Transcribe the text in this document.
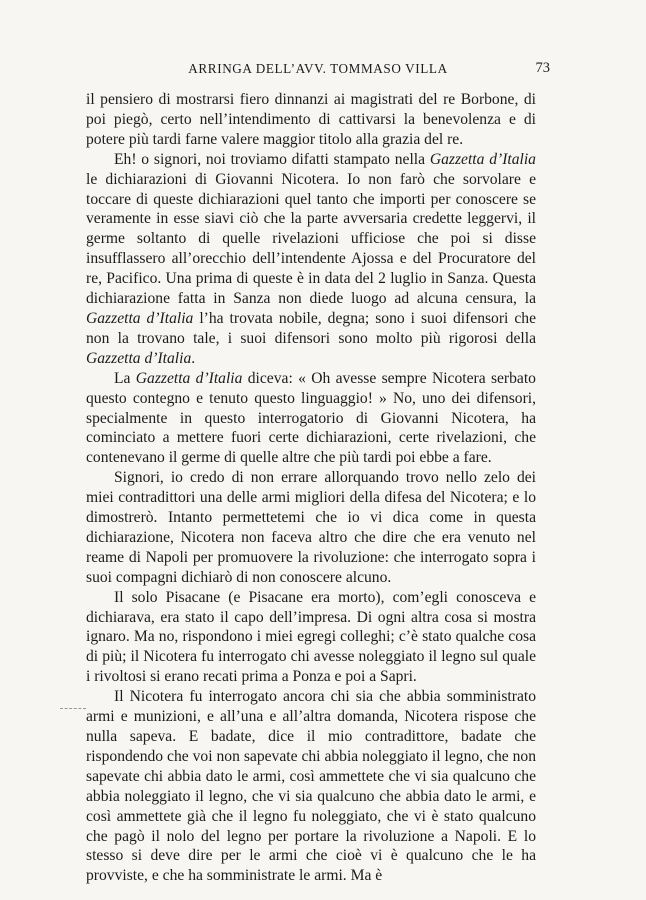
ARRINGA DELL’AVV. TOMMASO VILLA	73

il pensiero di mostrarsi fiero dinnanzi ai magistrati del re Borbone, di poi piegò, certo nell’intendimento di cattivarsi la benevolenza e di potere più tardi farne valere maggior titolo alla grazia del re.

Eh! o signori, noi troviamo difatti stampato nella Gazzetta d’Italia le dichiarazioni di Giovanni Nicotera. Io non farò che sorvolare e toccare di queste dichiarazioni quel tanto che importi per conoscere se veramente in esse siavi ciò che la parte avversaria credette leggervi, il germe soltanto di quelle rivelazioni ufficiose che poi si disse insufflassero all’orecchio dell’intendente Ajossa e del Procuratore del re, Pacifico. Una prima di queste è in data del 2 luglio in Sanza. Questa dichiarazione fatta in Sanza non diede luogo ad alcuna censura, la Gazzetta d’Italia l’ha trovata nobile, degna; sono i suoi difensori che non la trovano tale, i suoi difensori sono molto più rigorosi della Gazzetta d’Italia.

La Gazzetta d’Italia diceva: « Oh avesse sempre Nicotera serbato questo contegno e tenuto questo linguaggio! » No, uno dei difensori, specialmente in questo interrogatorio di Giovanni Nicotera, ha cominciato a mettere fuori certe dichiarazioni, certe rivelazioni, che contenevano il germe di quelle altre che più tardi poi ebbe a fare.

Signori, io credo di non errare allorquando trovo nello zelo dei miei contradittori una delle armi migliori della difesa del Nicotera; e lo dimostrerò. Intanto permettetemi che io vi dica come in questa dichiarazione, Nicotera non faceva altro che dire che era venuto nel reame di Napoli per promuovere la rivoluzione: che interrogato sopra i suoi compagni dichiarò di non conoscere alcuno.

Il solo Pisacane (e Pisacane era morto), com’egli conosceva e dichiarava, era stato il capo dell’impresa. Di ogni altra cosa si mostra ignaro. Ma no, rispondono i miei egregi colleghi; c’è stato qualche cosa di più; il Nicotera fu interrogato chi avesse noleggiato il legno sul quale i rivoltosi si erano recati prima a Ponza e poi a Sapri.

Il Nicotera fu interrogato ancora chi sia che abbia somministrato armi e munizioni, e all’una e all’altra domanda, Nicotera rispose che nulla sapeva. E badate, dice il mio contradittore, badate che rispondendo che voi non sapevate chi abbia noleggiato il legno, che non sapevate chi abbia dato le armi, così ammettete che vi sia qualcuno che abbia noleggiato il legno, che vi sia qualcuno che abbia dato le armi, e così ammettete già che il legno fu noleggiato, che vi è stato qualcuno che pagò il nolo del legno per portare la rivoluzione a Napoli. E lo stesso si deve dire per le armi che cioè vi è qualcuno che le ha provviste, e che ha somministrate le armi. Ma è
